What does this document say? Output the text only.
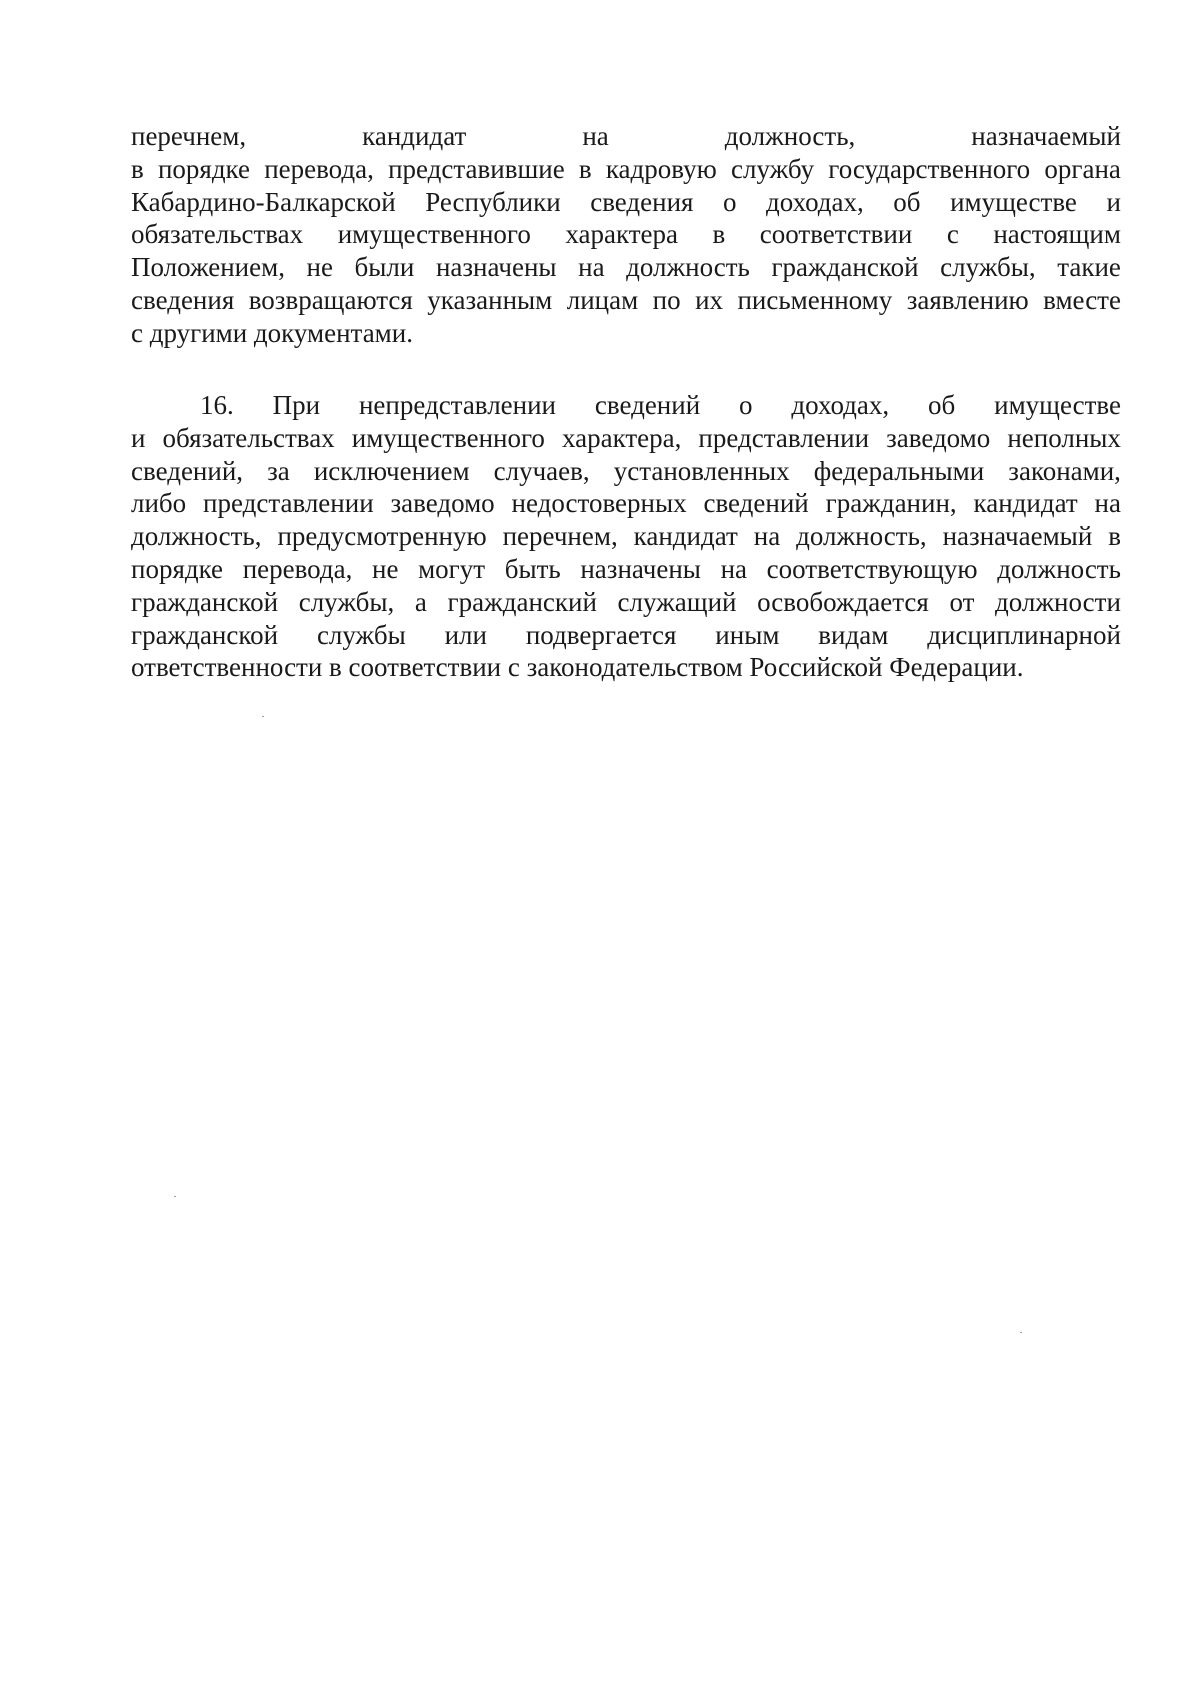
перечнем,	кандидат	на	должность,	назначаемый
в порядке перевода, представившие в кадровую службу государственного органа
Кабардино-Балкарской Республики сведения о доходах, об имуществе и
обязательствах имущественного характера в соответствии с настоящим
Положением, не были назначены на должность гражданской службы, такие
сведения возвращаются указанным лицам по их письменному заявлению вместе
с другими документами.
16. При непредставлении сведений о доходах, об имуществе
и обязательствах имущественного характера, представлении заведомо неполных
сведений, за исключением случаев, установленных федеральными законами,
либо представлении заведомо недостоверных сведений гражданин, кандидат на
должность, предусмотренную перечнем, кандидат на должность, назначаемый в
порядке перевода, не могут быть назначены на соответствующую должность
гражданской службы, а гражданский служащий освобождается от должности
гражданской службы или подвергается иным видам дисциплинарной
ответственности в соответствии с законодательством Российской Федерации.
